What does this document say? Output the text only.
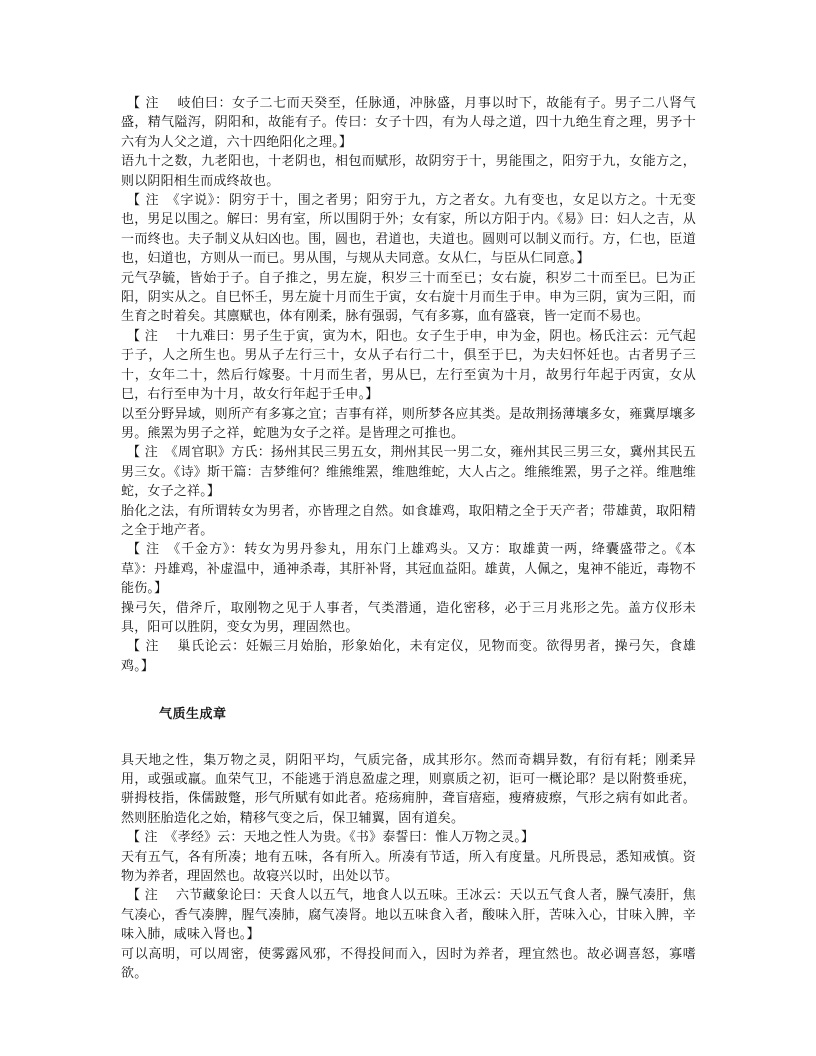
【 注　 岐伯曰：女子二七而天癸至，任脉通，冲脉盛，月事以时下，故能有子。男子二八肾气盛，精气隘泻，阴阳和，故能有子。传曰：女子十四，有为人母之道，四十九绝生育之理，男予十六有为人父之道，六十四绝阳化之理。】

语九十之数，九老阳也，十老阴也，相包而赋形，故阴穷于十，男能围之，阳穷于九，女能方之，则以阴阳相生而成终故也。

【 注　《字说》：阴穷于十，围之者男；阳穷于九，方之者女。九有变也，女足以方之。十无变也，男足以围之。解曰：男有室，所以围阴于外；女有家，所以方阳于内。《易》曰：妇人之吉，从一而终也。夫子制义从妇凶也。围，圆也，君道也，夫道也。圆则可以制义而行。方，仁也，臣道也，妇道也，方则从一而已。男从围，与规从夫同意。女从仁，与臣从仁同意。】

元气孕毓，皆始于子。自子推之，男左旋，积岁三十而至已；女右旋，积岁二十而至巳。巳为正阳，阴实从之。自巳怀壬，男左旋十月而生于寅，女右旋十月而生于申。申为三阴，寅为三阳，而生育之时着矣。其廪赋也，体有刚柔，脉有强弱，气有多寡，血有盛衰，皆一定而不易也。

【 注　 十九难曰：男子生于寅，寅为木，阳也。女子生于申，申为金，阴也。杨氏注云：元气起于子，人之所生也。男从子左行三十，女从子右行二十，俱至于巳，为夫妇怀妊也。古者男子三十，女年二十，然后行嫁娶。十月而生者，男从巳，左行至寅为十月，故男行年起于丙寅，女从巳，右行至申为十月，故女行年起于壬申。】

以至分野异域，则所产有多寡之宜；吉事有祥，则所梦各应其类。是故荆扬薄壤多女，雍冀厚壤多男。熊罴为男子之祥，蛇虺为女子之祥。是皆理之可推也。

【 注　《周官职》方氏：扬州其民三男五女，荆州其民一男二女，雍州其民三男三女，冀州其民五男三女。《诗》斯干篇：吉梦维何？维熊维罴，维虺维蛇，大人占之。维熊维罴，男子之祥。维虺维蛇，女子之祥。】

胎化之法，有所谓转女为男者，亦皆理之自然。如食雄鸡，取阳精之全于天产者；带雄黄，取阳精之全于地产者。

【 注　《千金方》：转女为男丹参丸，用东门上雄鸡头。又方：取雄黄一两，绛囊盛带之。《本草》：丹雄鸡，补虚温中，通神杀毒，其肝补肾，其冠血益阳。雄黄，人佩之，鬼神不能近，毒物不能伤。】

操弓矢，借斧斤，取刚物之见于人事者，气类潜通，造化密移，必于三月兆形之先。盖方仪形未具，阳可以胜阴，变女为男，理固然也。

【 注　 巢氏论云：妊娠三月始胎，形象始化，未有定仪，见物而变。欲得男者，操弓矢，食雄鸡。】

气质生成章

具天地之性，集万物之灵，阴阳平均，气质完备，成其形尔。然而奇耦异数，有衍有耗；刚柔异用，或强或羸。血荣气卫，不能逃于消息盈虚之理，则禀质之初，讵可一概论耶？是以附赘垂疣，骈拇枝指，侏儒跛蹩，形气所赋有如此者。疮疡痈肿，聋盲瘖瘂，瘦瘠疲瘵，气形之病有如此者。然则胚胎造化之始，精移气变之后，保卫辅翼，固有道矣。

【 注　《孝经》云：天地之性人为贵。《书》泰誓曰：惟人万物之灵。】

天有五气，各有所凑；地有五味，各有所入。所凑有节适，所入有度量。凡所畏忌，悉知戒慎。资物为养者，理固然也。故寝兴以时，出处以节。

【 注　 六节藏象论曰：天食人以五气，地食人以五味。王冰云：天以五气食人者，臊气凑肝，焦气凑心，香气凑脾，腥气凑肺，腐气凑肾。地以五味食入者，酸味入肝，苦味入心，甘味入脾，辛味入肺，咸味入肾也。】

可以高明，可以周密，使雾露风邪，不得投间而入，因时为养者，理宜然也。故必调喜怒，寡嗜欲。
